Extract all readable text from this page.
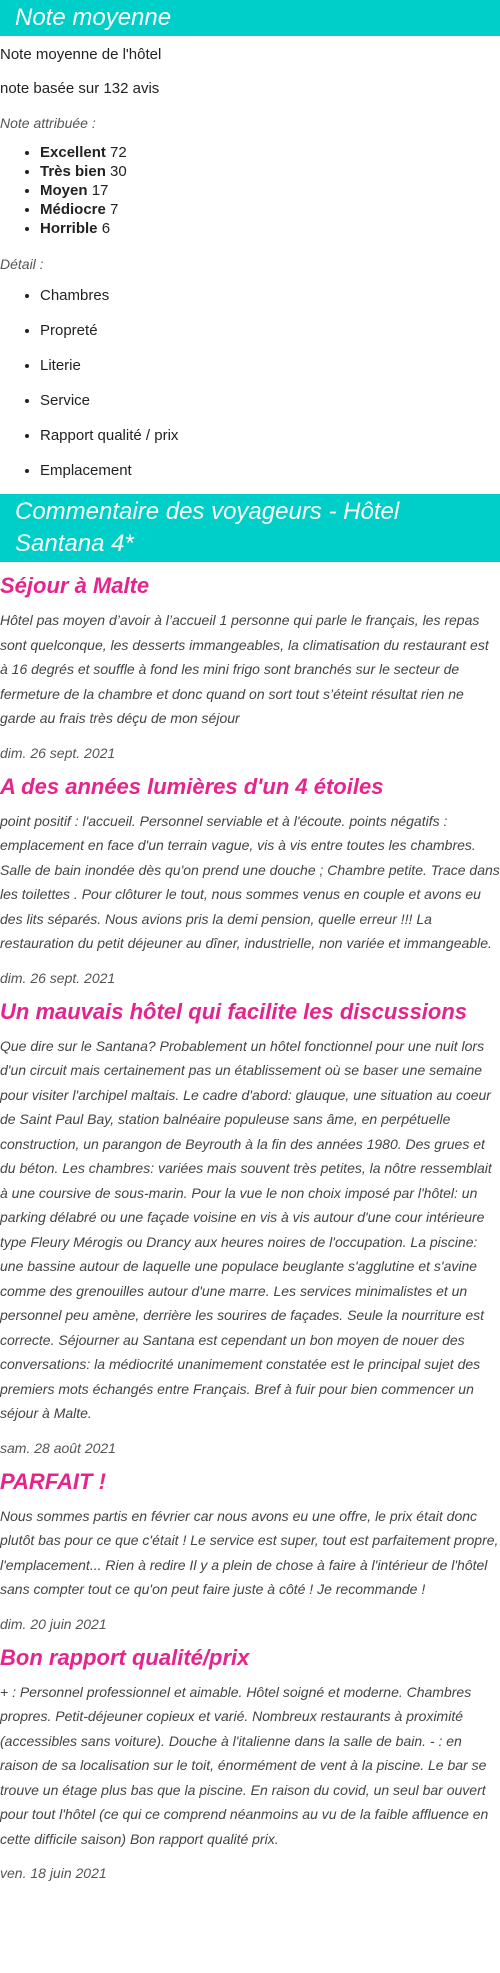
Note moyenne

Note moyenne de l'hôtel

note basée sur 132 avis

Note attribuée :

• Excellent 72
• Très bien 30
• Moyen 17
• Médiocre 7
• Horrible 6

Détail :

• Chambres
• Propreté
• Literie
• Service
• Rapport qualité / prix
• Emplacement
Commentaire des voyageurs - Hôtel Santana 4*
Séjour à Malte

Hôtel pas moyen d’avoir à l’accueil 1 personne qui parle le français, les repas sont quelconque, les desserts immangeables, la climatisation du restaurant est à 16 degrés et souffle à fond les mini frigo sont branchés sur le secteur de fermeture de la chambre et donc quand on sort tout s’éteint résultat rien ne garde au frais très déçu de mon séjour

dim. 26 sept. 2021

A des années lumières d'un 4 étoiles

point positif : l'accueil. Personnel serviable et à l'écoute. points négatifs : emplacement en face d'un terrain vague, vis à vis entre toutes les chambres. Salle de bain inondée dès qu'on prend une douche ; Chambre petite. Trace dans les toilettes . Pour clôturer le tout, nous sommes venus en couple et avons eu des lits séparés. Nous avions pris la demi pension, quelle erreur !!! La restauration du petit déjeuner au dîner, industrielle, non variée et immangeable.

dim. 26 sept. 2021

Un mauvais hôtel qui facilite les discussions

Que dire sur le Santana? Probablement un hôtel fonctionnel pour une nuit lors d'un circuit mais certainement pas un établissement où se baser une semaine pour visiter l'archipel maltais. Le cadre d'abord: glauque, une situation au coeur de Saint Paul Bay, station balnéaire populeuse sans âme, en perpétuelle construction, un parangon de Beyrouth à la fin des années 1980. Des grues et du béton. Les chambres: variées mais souvent très petites, la nôtre ressemblait à une coursive de sous-marin. Pour la vue le non choix imposé par l'hôtel: un parking délabré ou une façade voisine en vis à vis autour d'une cour intérieure type Fleury Mérogis ou Drancy aux heures noires de l'occupation. La piscine: une bassine autour de laquelle une populace beuglante s'agglutine et s'avine comme des grenouilles autour d'une marre. Les services minimalistes et un personnel peu amène, derrière les sourires de façades. Seule la nourriture est correcte. Séjourner au Santana est cependant un bon moyen de nouer des conversations: la médiocrité unanimement constatée est le principal sujet des premiers mots échangés entre Français. Bref à fuir pour bien commencer un séjour à Malte.

sam. 28 août 2021

PARFAIT !

Nous sommes partis en février car nous avons eu une offre, le prix était donc plutôt bas pour ce que c'était ! Le service est super, tout est parfaitement propre, l'emplacement... Rien à redire Il y a plein de chose à faire à l'intérieur de l'hôtel sans compter tout ce qu'on peut faire juste à côté ! Je recommande !

dim. 20 juin 2021

Bon rapport qualité/prix

+ : Personnel professionnel et aimable. Hôtel soigné et moderne. Chambres propres. Petit-déjeuner copieux et varié. Nombreux restaurants à proximité (accessibles sans voiture). Douche à l'italienne dans la salle de bain. - : en raison de sa localisation sur le toit, énormément de vent à la piscine. Le bar se trouve un étage plus bas que la piscine. En raison du covid, un seul bar ouvert pour tout l'hôtel (ce qui ce comprend néanmoins au vu de la faible affluence en cette difficile saison) Bon rapport qualité prix.

ven. 18 juin 2021
